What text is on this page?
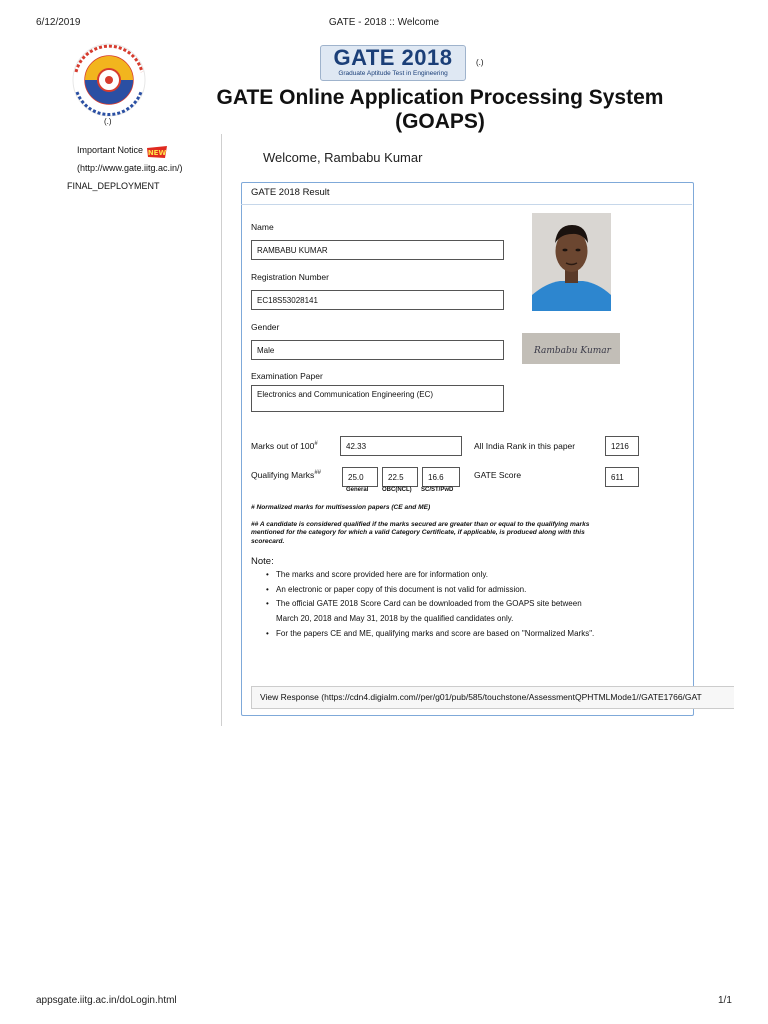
6/12/2019	GATE - 2018 :: Welcome
(.)
GATE 2018
Graduate Aptitude Test in Engineering
(.)
GATE Online Application Processing System
(GOAPS)
Important Notice NEW
(http://www.gate.iitg.ac.in/)
FINAL_DEPLOYMENT
Welcome, Rambabu Kumar
GATE 2018 Result
Name
RAMBABU KUMAR
Registration Number
EC18S53028141
Gender
Male
Examination Paper
Electronics and Communication Engineering (EC)
Rambabu Kumar
Marks out of 100#	42.33	All India Rank in this paper	1216
Qualifying Marks##	25.0	22.5	16.6
General OBC(NCL) SC/ST/PwD
GATE Score	611
# Normalized marks for multisession papers (CE and ME)
## A candidate is considered qualified if the marks secured are greater than or equal to the qualifying marks
mentioned for the category for which a valid Category Certificate, if applicable, is produced along with this
scorecard.
Note:
• The marks and score provided here are for information only.
• An electronic or paper copy of this document is not valid for admission.
• The official GATE 2018 Score Card can be downloaded from the GOAPS site between
March 20, 2018 and May 31, 2018 by the qualified candidates only.
• For the papers CE and ME, qualifying marks and score are based on "Normalized Marks".
View Response (https://cdn4.digialm.com//per/g01/pub/585/touchstone/AssessmentQPHTMLMode1//GATE1766/GAT
appsgate.iitg.ac.in/doLogin.html	1/1
